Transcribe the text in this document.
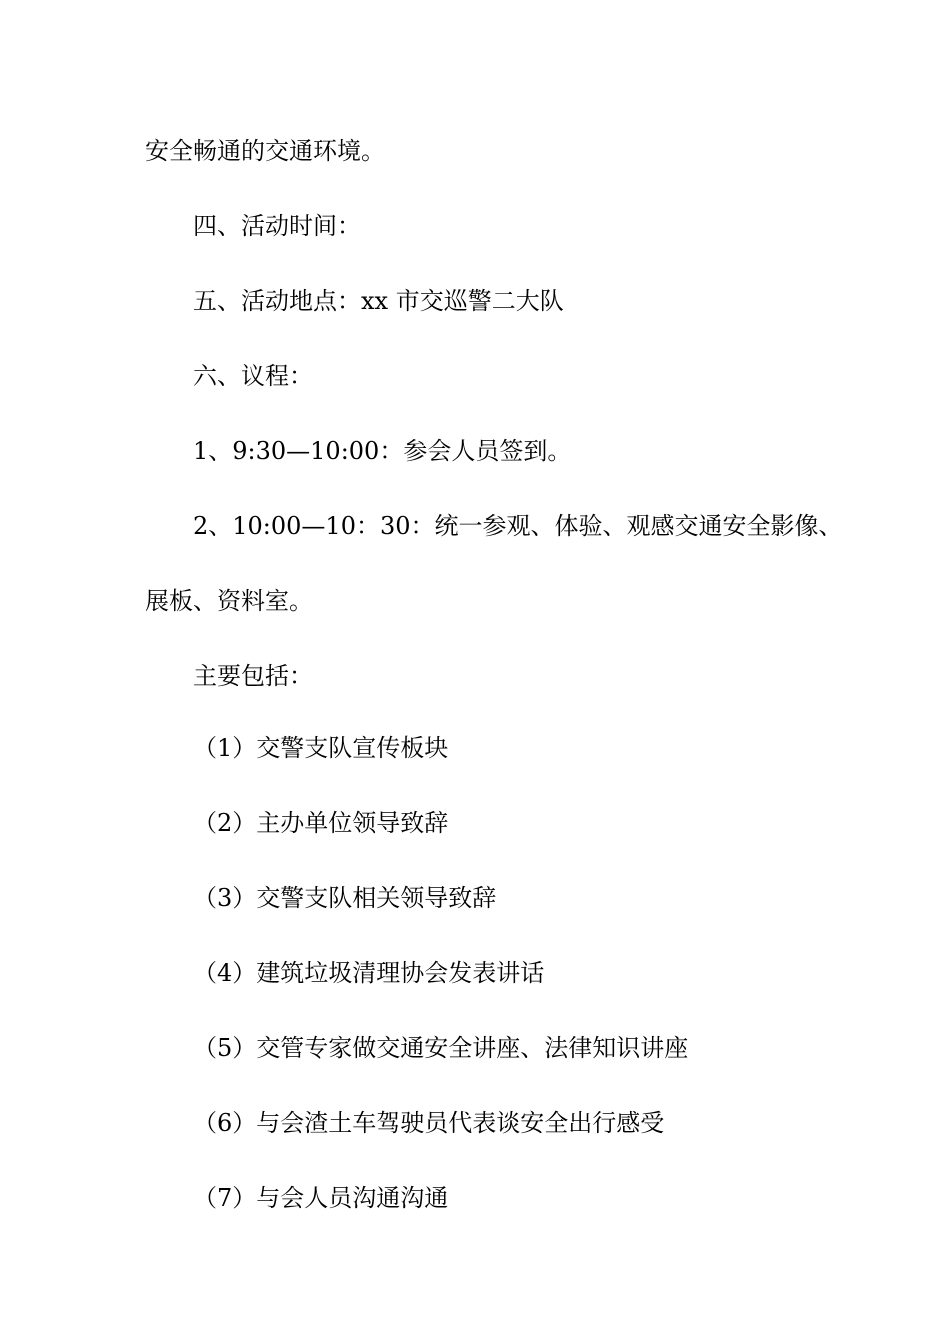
安全畅通的交通环境。
四、活动时间：
五、活动地点：xx 市交巡警二大队
六、议程：
1、9:30—10:00：参会人员签到。
2、10:00—10：30：统一参观、体验、观感交通安全影像、
展板、资料室。
主要包括：
（1）交警支队宣传板块
（2）主办单位领导致辞
（3）交警支队相关领导致辞
（4）建筑垃圾清理协会发表讲话
（5）交管专家做交通安全讲座、法律知识讲座
（6）与会渣土车驾驶员代表谈安全出行感受
（7）与会人员沟通沟通
